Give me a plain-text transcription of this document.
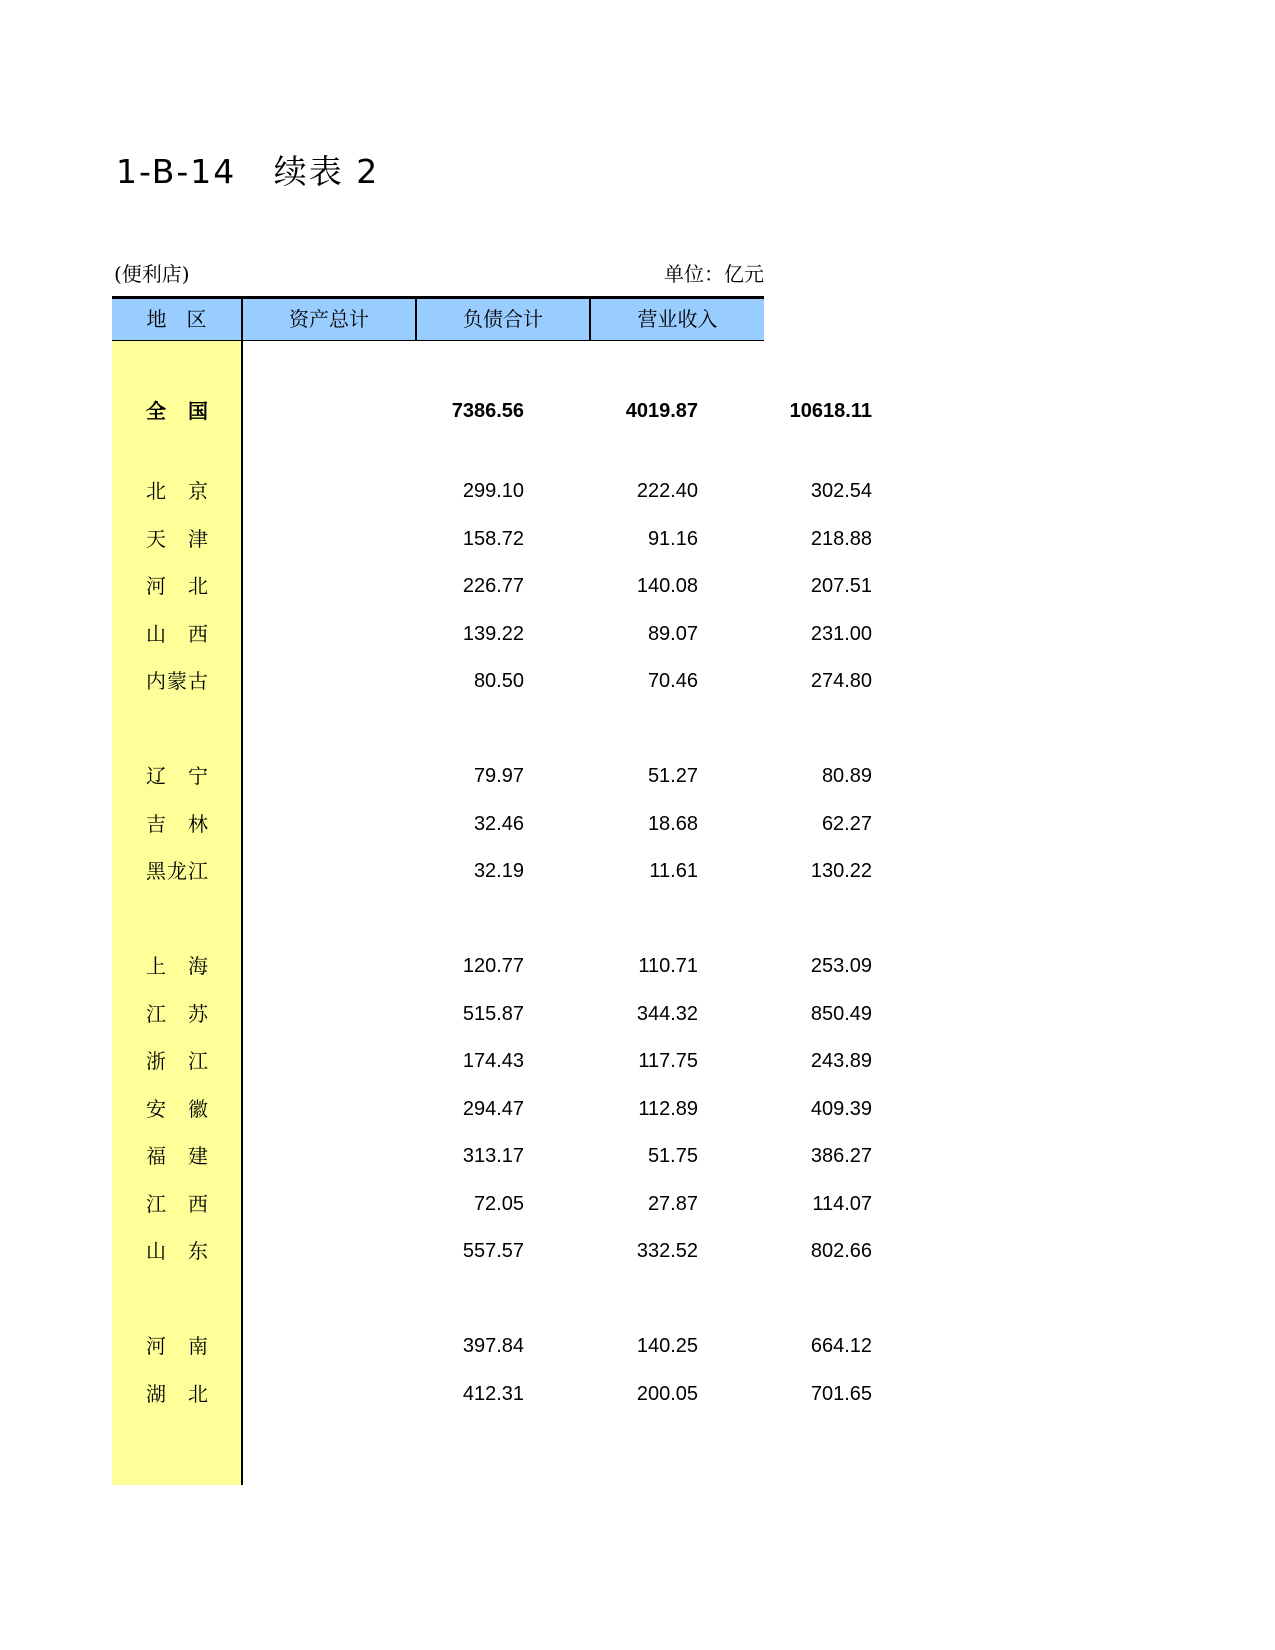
1-B-14   续表 2
(便利店)	单位：亿元
地　区	资产总计	负债合计	营业收入
全　国	7386.56	4019.87	10618.11
北　京	299.10	222.40	302.54
天　津	158.72	91.16	218.88
河　北	226.77	140.08	207.51
山　西	139.22	89.07	231.00
内蒙古	80.50	70.46	274.80
辽　宁	79.97	51.27	80.89
吉　林	32.46	18.68	62.27
黑龙江	32.19	11.61	130.22
上　海	120.77	110.71	253.09
江　苏	515.87	344.32	850.49
浙　江	174.43	117.75	243.89
安　徽	294.47	112.89	409.39
福　建	313.17	51.75	386.27
江　西	72.05	27.87	114.07
山　东	557.57	332.52	802.66
河　南	397.84	140.25	664.12
湖　北	412.31	200.05	701.65
